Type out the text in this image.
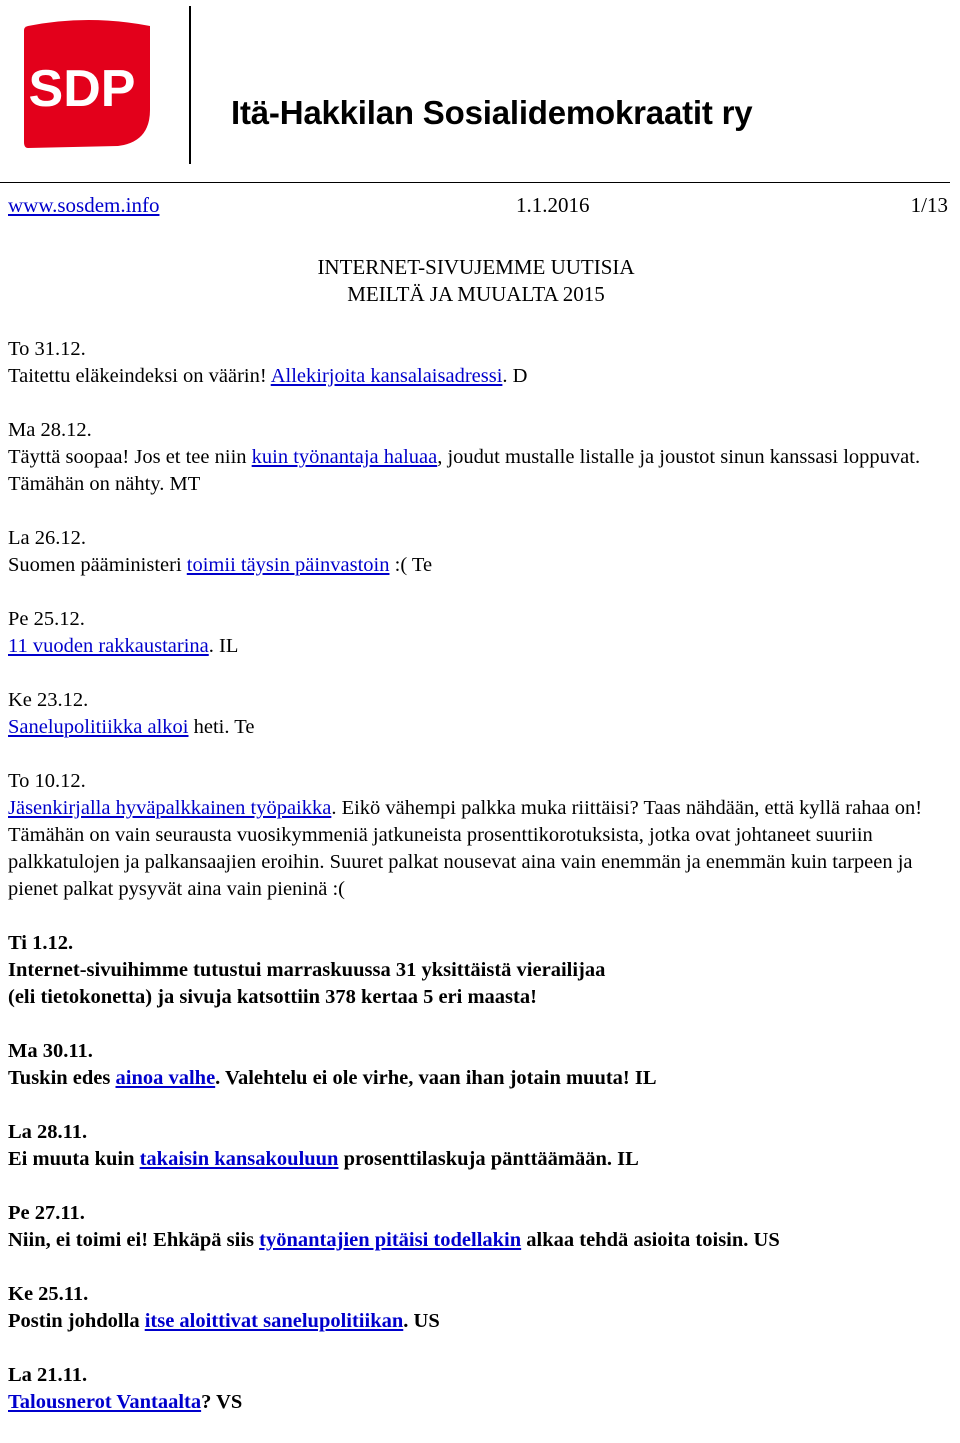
SDP	Itä-Hakkilan Sosialidemokraatit ry
www.sosdem.info	1.1.2016	1/13
INTERNET-SIVUJEMME UUTISIA
MEILTÄ JA MUUALTA 2015
To 31.12.
Taitettu eläkeindeksi on väärin! Allekirjoita kansalaisadressi. D
Ma 28.12.
Täyttä soopaa! Jos et tee niin kuin työnantaja haluaa, joudut mustalle listalle ja joustot sinun kanssasi loppuvat. Tämähän on nähty. MT
La 26.12.
Suomen pääministeri toimii täysin päinvastoin :( Te
Pe 25.12.
11 vuoden rakkaustarina. IL
Ke 23.12.
Sanelupolitiikka alkoi heti. Te
To 10.12.
Jäsenkirjalla hyväpalkkainen työpaikka. Eikö vähempi palkka muka riittäisi? Taas nähdään, että kyllä rahaa on! Tämähän on vain seurausta vuosikymmeniä jatkuneista prosenttikorotuksista, jotka ovat johtaneet suuriin palkkatulojen ja palkansaajien eroihin. Suuret palkat nousevat aina vain enemmän ja enemmän kuin tarpeen ja pienet palkat pysyvät aina vain pieninä :(
Ti 1.12.
Internet-sivuihimme tutustui marraskuussa 31 yksittäistä vierailijaa
(eli tietokonetta) ja sivuja katsottiin 378 kertaa 5 eri maasta!
Ma 30.11.
Tuskin edes ainoa valhe. Valehtelu ei ole virhe, vaan ihan jotain muuta! IL
La 28.11.
Ei muuta kuin takaisin kansakouluun prosenttilaskuja pänttäämään. IL
Pe 27.11.
Niin, ei toimi ei! Ehkäpä siis työnantajien pitäisi todellakin alkaa tehdä asioita toisin. US
Ke 25.11.
Postin johdolla itse aloittivat sanelupolitiikan. US
La 21.11.
Talousnerot Vantaalta? VS
